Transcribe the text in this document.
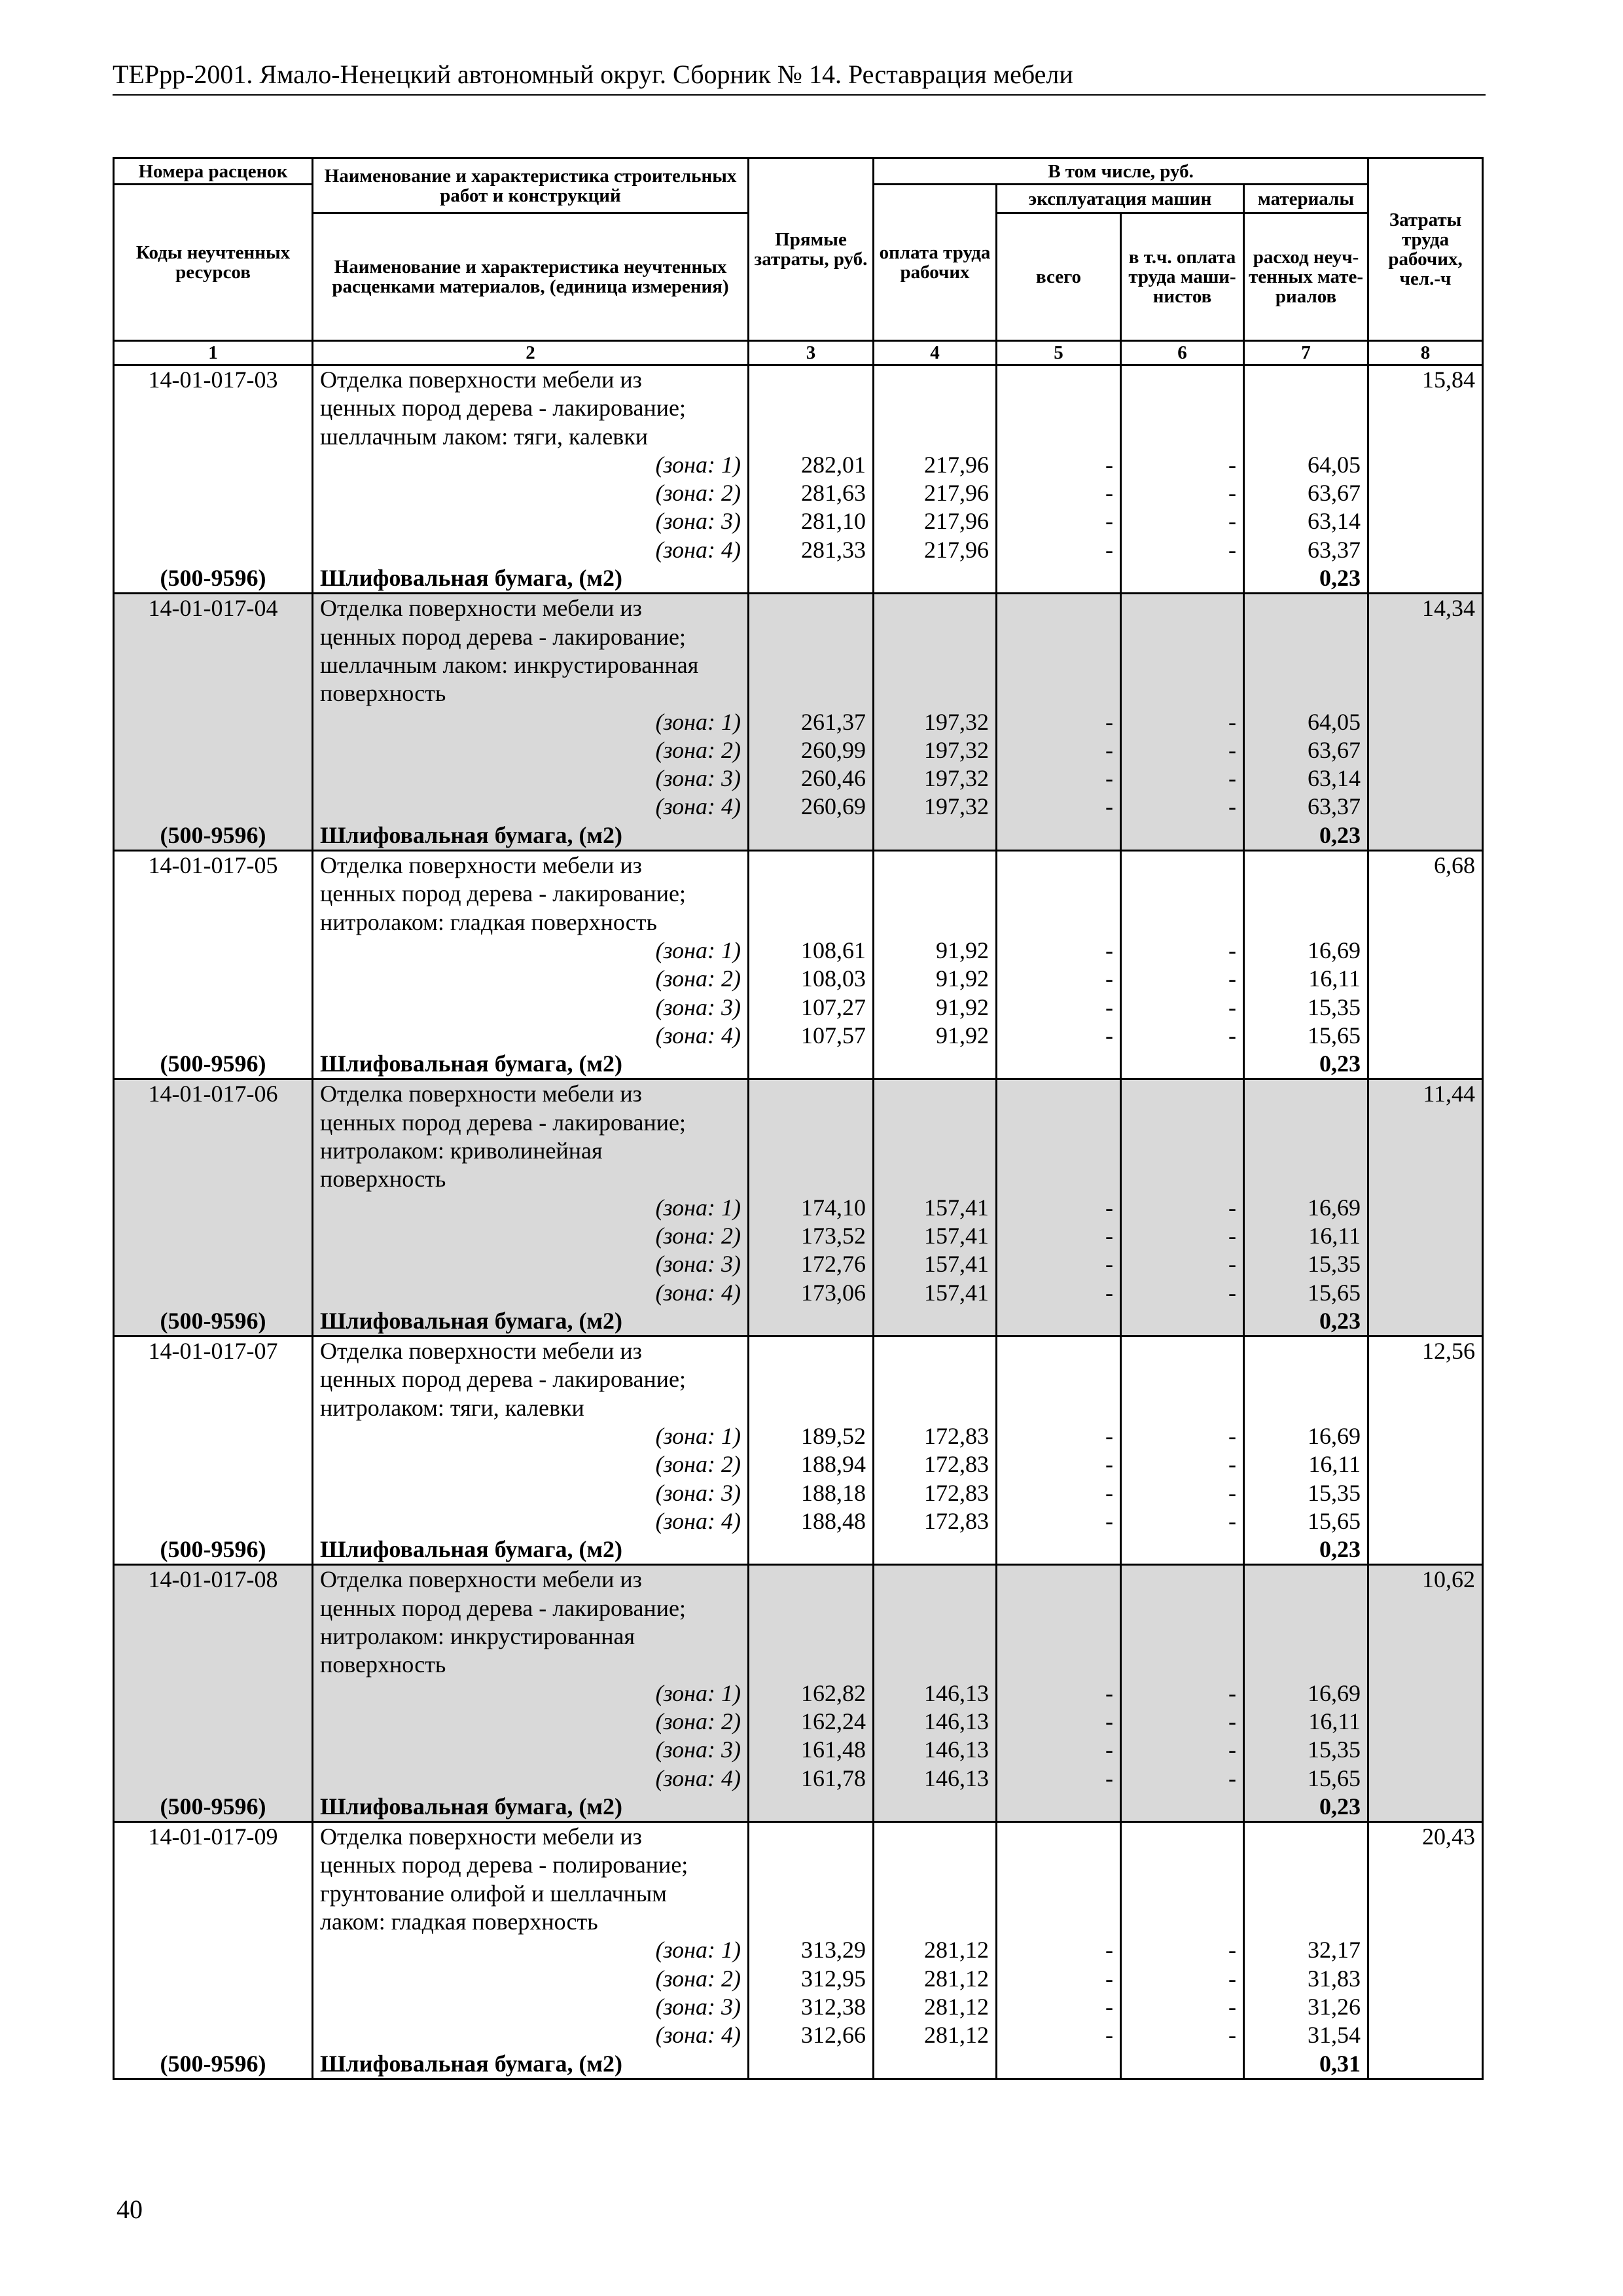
ТЕРрр-2001. Ямало-Ненецкий автономный округ. Сборник № 14. Реставрация мебели
Номера расценок	Наименование и характеристика строительных работ и конструкций	Прямые затраты, руб.	В том числе, руб.				Затраты труда рабочих, чел.-ч
Коды неучтенных ресурсов			оплата труда рабочих	эксплуатация машин		материалы	
	Наименование и характеристика неучтенных расценками материалов, (единица измерения)			всего	в т.ч. оплата труда маши-нистов	расход неуч-тенных мате-риалов	
1	2	3	4	5	6	7	8
14-01-017-03	Отделка поверхности мебели из						15,84
	ценных пород дерева - лакирование;						
	шеллачным лаком: тяги, калевки						
	(зона: 1)	282,01	217,96	-	-	64,05	
	(зона: 2)	281,63	217,96	-	-	63,67	
	(зона: 3)	281,10	217,96	-	-	63,14	
	(зона: 4)	281,33	217,96	-	-	63,37	
(500-9596)	Шлифовальная бумага, (м2)					0,23	
14-01-017-04	Отделка поверхности мебели из						14,34
	ценных пород дерева - лакирование;						
	шеллачным лаком: инкрустированная						
	поверхность						
	(зона: 1)	261,37	197,32	-	-	64,05	
	(зона: 2)	260,99	197,32	-	-	63,67	
	(зона: 3)	260,46	197,32	-	-	63,14	
	(зона: 4)	260,69	197,32	-	-	63,37	
(500-9596)	Шлифовальная бумага, (м2)					0,23	
14-01-017-05	Отделка поверхности мебели из						6,68
	ценных пород дерева - лакирование;						
	нитролаком: гладкая поверхность						
	(зона: 1)	108,61	91,92	-	-	16,69	
	(зона: 2)	108,03	91,92	-	-	16,11	
	(зона: 3)	107,27	91,92	-	-	15,35	
	(зона: 4)	107,57	91,92	-	-	15,65	
(500-9596)	Шлифовальная бумага, (м2)					0,23	
14-01-017-06	Отделка поверхности мебели из						11,44
	ценных пород дерева - лакирование;						
	нитролаком: криволинейная						
	поверхность						
	(зона: 1)	174,10	157,41	-	-	16,69	
	(зона: 2)	173,52	157,41	-	-	16,11	
	(зона: 3)	172,76	157,41	-	-	15,35	
	(зона: 4)	173,06	157,41	-	-	15,65	
(500-9596)	Шлифовальная бумага, (м2)					0,23	
14-01-017-07	Отделка поверхности мебели из						12,56
	ценных пород дерева - лакирование;						
	нитролаком: тяги, калевки						
	(зона: 1)	189,52	172,83	-	-	16,69	
	(зона: 2)	188,94	172,83	-	-	16,11	
	(зона: 3)	188,18	172,83	-	-	15,35	
	(зона: 4)	188,48	172,83	-	-	15,65	
(500-9596)	Шлифовальная бумага, (м2)					0,23	
14-01-017-08	Отделка поверхности мебели из						10,62
	ценных пород дерева - лакирование;						
	нитролаком: инкрустированная						
	поверхность						
	(зона: 1)	162,82	146,13	-	-	16,69	
	(зона: 2)	162,24	146,13	-	-	16,11	
	(зона: 3)	161,48	146,13	-	-	15,35	
	(зона: 4)	161,78	146,13	-	-	15,65	
(500-9596)	Шлифовальная бумага, (м2)					0,23	
14-01-017-09	Отделка поверхности мебели из						20,43
	ценных пород дерева - полирование;						
	грунтование олифой и шеллачным						
	лаком: гладкая поверхность						
	(зона: 1)	313,29	281,12	-	-	32,17	
	(зона: 2)	312,95	281,12	-	-	31,83	
	(зона: 3)	312,38	281,12	-	-	31,26	
	(зона: 4)	312,66	281,12	-	-	31,54	
(500-9596)	Шлифовальная бумага, (м2)					0,31	
40
